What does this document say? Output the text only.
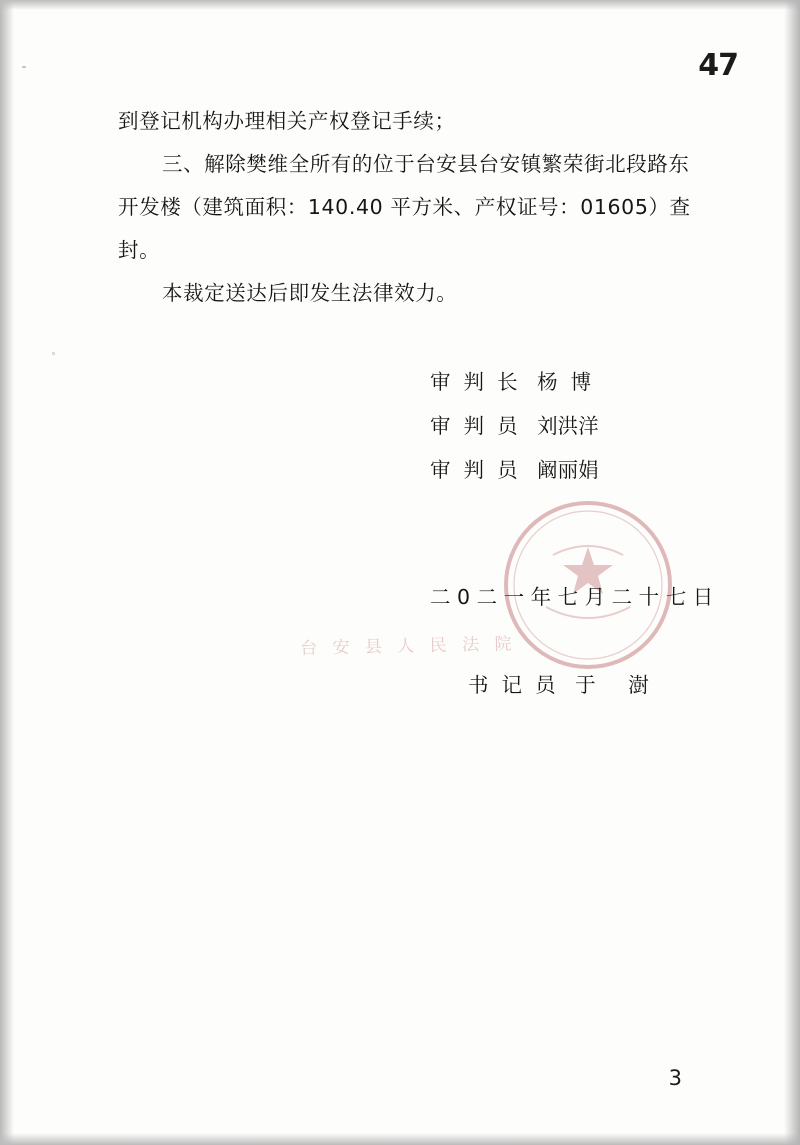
47

到登记机构办理相关产权登记手续；

三、解除樊维全所有的位于台安县台安镇繁荣街北段路东开发楼（建筑面积：140.40 平方米、产权证号：01605）查封。

本裁定送达后即发生法律效力。

台 安 县 人 民 法 院
审  判  长 杨  博
审  判  员 刘洪洋
审  判  员 阚丽娟
二 0 二 一 年 七 月 二 十 七 日
书  记  员   于     澍
3
